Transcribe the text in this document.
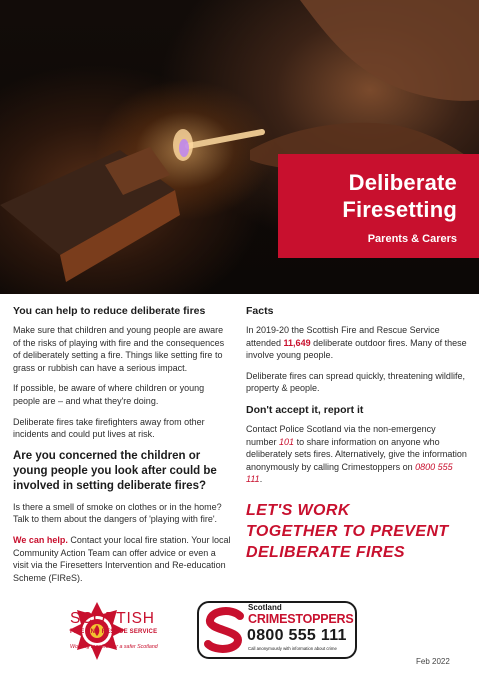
Deliberate
Firesetting
Parents & Carers
You can help to reduce deliberate fires
Make sure that children and young people are aware of the risks of playing with fire and the consequences of deliberately setting a fire. Things like setting fire to grass or rubbish can have a serious impact.
If possible, be aware of where children or young people are – and what they're doing.
Deliberate fires take firefighters away from other incidents and could put lives at risk.
Are you concerned the children or young people you look after could be involved in setting deliberate fires?
Is there a smell of smoke on clothes or in the home? Talk to them about the dangers of 'playing with fire'.
We can help. Contact your local fire station. Your local Community Action Team can offer advice or even a visit via the Firesetters Intervention and Re-education Scheme (FIReS).
Facts
In 2019-20 the Scottish Fire and Rescue Service attended 11,649 deliberate outdoor fires. Many of these involve young people.
Deliberate fires can spread quickly, threatening wildlife, property & people.
Don't accept it, report it
Contact Police Scotland via the non-emergency number 101 to share information on anyone who deliberately sets fires. Alternatively, give the information anonymously by calling Crimestoppers on 0800 555 111.
LET'S WORK
TOGETHER TO PREVENT
DELIBERATE FIRES
SCOTTISH
FIRE AND RESCUE SERVICE
Working together for a safer Scotland
Scotland
CRIMESTOPPERS
0800 555 111
Call anonymously with information about crime
Feb 2022
